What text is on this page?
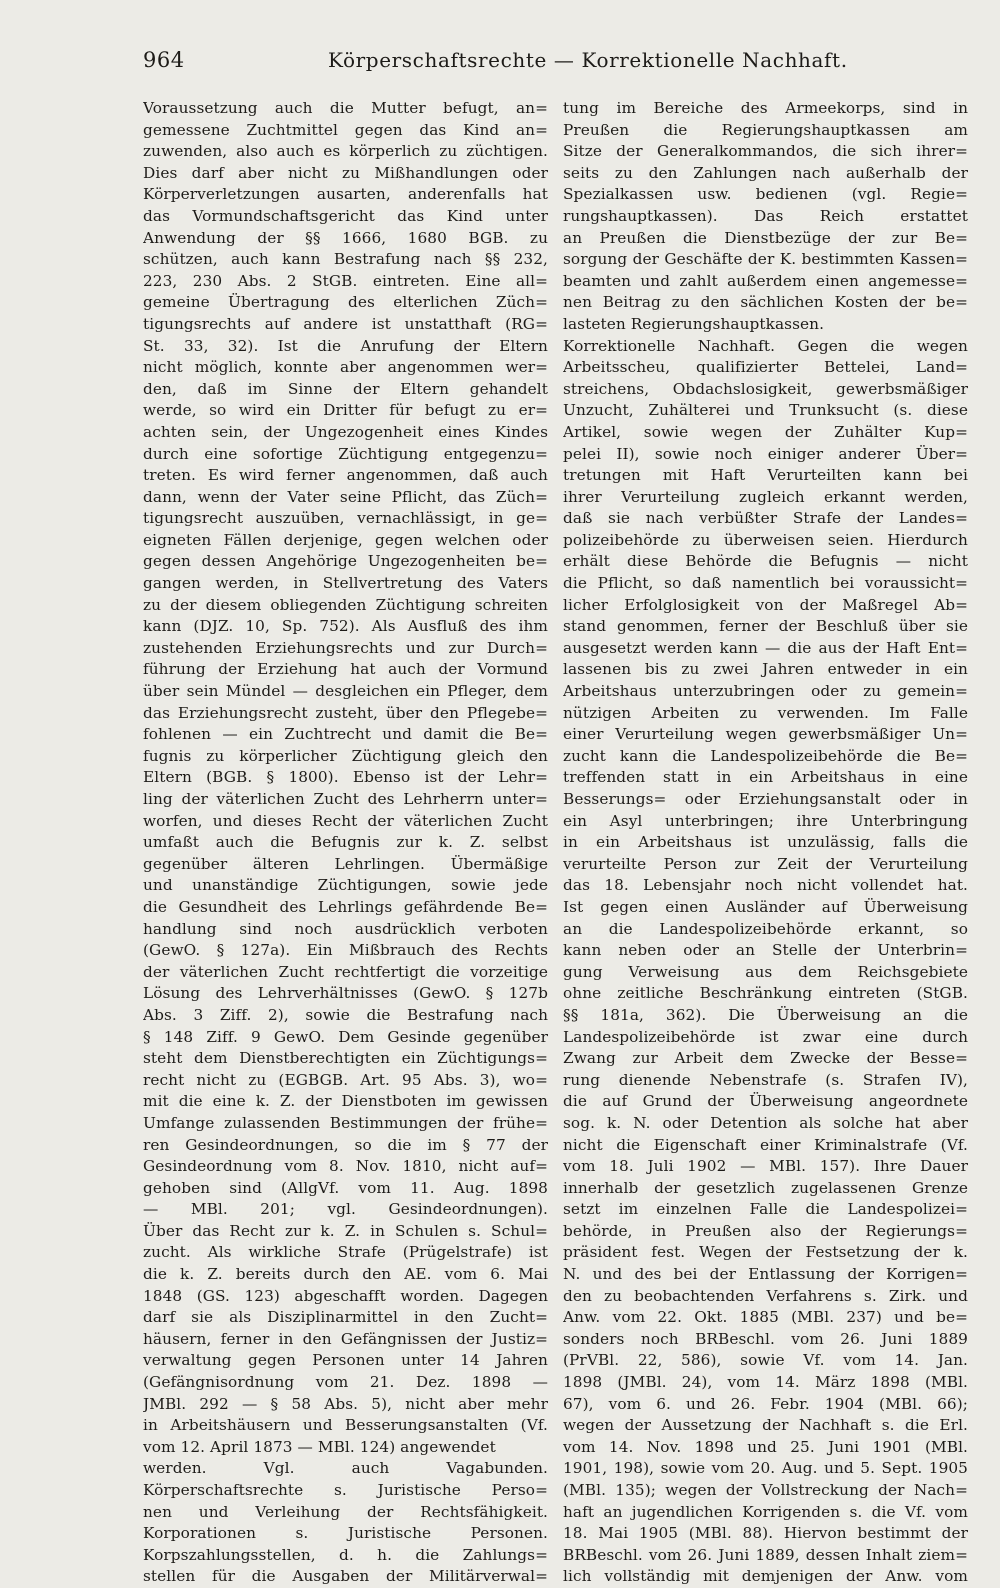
964	Körperschaftsrechte — Korrektionelle Nachhaft.
Voraussetzung auch die Mutter befugt, an=
gemessene Zuchtmittel gegen das Kind an=
zuwenden, also auch es körperlich zu züchtigen.
Dies darf aber nicht zu Mißhandlungen oder
Körperverletzungen ausarten, anderenfalls hat
das Vormundschaftsgericht das Kind unter
Anwendung der §§ 1666, 1680 BGB. zu
schützen, auch kann Bestrafung nach §§ 232,
223, 230 Abs. 2 StGB. eintreten. Eine all=
gemeine Übertragung des elterlichen Züch=
tigungsrechts auf andere ist unstatthaft (RG=
St. 33, 32). Ist die Anrufung der Eltern
nicht möglich, konnte aber angenommen wer=
den, daß im Sinne der Eltern gehandelt
werde, so wird ein Dritter für befugt zu er=
achten sein, der Ungezogenheit eines Kindes
durch eine sofortige Züchtigung entgegenzu=
treten. Es wird ferner angenommen, daß auch
dann, wenn der Vater seine Pflicht, das Züch=
tigungsrecht auszuüben, vernachlässigt, in ge=
eigneten Fällen derjenige, gegen welchen oder
gegen dessen Angehörige Ungezogenheiten be=
gangen werden, in Stellvertretung des Vaters
zu der diesem obliegenden Züchtigung schreiten
kann (DJZ. 10, Sp. 752). Als Ausfluß des ihm
zustehenden Erziehungsrechts und zur Durch=
führung der Erziehung hat auch der Vormund
über sein Mündel — desgleichen ein Pfleger, dem
das Erziehungsrecht zusteht, über den Pflegebe=
fohlenen — ein Zuchtrecht und damit die Be=
fugnis zu körperlicher Züchtigung gleich den
Eltern (BGB. § 1800). Ebenso ist der Lehr=
ling der väterlichen Zucht des Lehrherrn unter=
worfen, und dieses Recht der väterlichen Zucht
umfaßt auch die Befugnis zur k. Z. selbst
gegenüber älteren Lehrlingen. Übermäßige
und unanständige Züchtigungen, sowie jede
die Gesundheit des Lehrlings gefährdende Be=
handlung sind noch ausdrücklich verboten
(GewO. § 127a). Ein Mißbrauch des Rechts
der väterlichen Zucht rechtfertigt die vorzeitige
Lösung des Lehrverhältnisses (GewO. § 127b
Abs. 3 Ziff. 2), sowie die Bestrafung nach
§ 148 Ziff. 9 GewO. Dem Gesinde gegenüber
steht dem Dienstberechtigten ein Züchtigungs=
recht nicht zu (EGBGB. Art. 95 Abs. 3), wo=
mit die eine k. Z. der Dienstboten im gewissen
Umfange zulassenden Bestimmungen der frühe=
ren Gesindeordnungen, so die im § 77 der
Gesindeordnung vom 8. Nov. 1810, nicht auf=
gehoben sind (AllgVf. vom 11. Aug. 1898
— MBl. 201; vgl. Gesindeordnungen).
Über das Recht zur k. Z. in Schulen s. Schul=
zucht. Als wirkliche Strafe (Prügelstrafe) ist
die k. Z. bereits durch den AE. vom 6. Mai
1848 (GS. 123) abgeschafft worden. Dagegen
darf sie als Disziplinarmittel in den Zucht=
häusern, ferner in den Gefängnissen der Justiz=
verwaltung gegen Personen unter 14 Jahren
(Gefängnisordnung vom 21. Dez. 1898 —
JMBl. 292 — § 58 Abs. 5), nicht aber mehr
in Arbeitshäusern und Besserungsanstalten (Vf.
vom 12. April 1873 — MBl. 124) angewendet
werden. Vgl. auch Vagabunden.
Körperschaftsrechte s. Juristische Perso=
nen und Verleihung der Rechtsfähigkeit.
Korporationen s. Juristische Personen.
Korpszahlungsstellen, d. h. die Zahlungs=
stellen für die Ausgaben der Militärverwal=
tung im Bereiche des Armeekorps, sind in
Preußen die Regierungshauptkassen am
Sitze der Generalkommandos, die sich ihrer=
seits zu den Zahlungen nach außerhalb der
Spezialkassen usw. bedienen (vgl. Regie=
rungshauptkassen). Das Reich erstattet
an Preußen die Dienstbezüge der zur Be=
sorgung der Geschäfte der K. bestimmten Kassen=
beamten und zahlt außerdem einen angemesse=
nen Beitrag zu den sächlichen Kosten der be=
lasteten Regierungshauptkassen.
Korrektionelle Nachhaft. Gegen die wegen
Arbeitsscheu, qualifizierter Bettelei, Land=
streichens, Obdachslosigkeit, gewerbsmäßiger
Unzucht, Zuhälterei und Trunksucht (s. diese
Artikel, sowie wegen der Zuhälter Kup=
pelei II), sowie noch einiger anderer Über=
tretungen mit Haft Verurteilten kann bei
ihrer Verurteilung zugleich erkannt werden,
daß sie nach verbüßter Strafe der Landes=
polizeibehörde zu überweisen seien. Hierdurch
erhält diese Behörde die Befugnis — nicht
die Pflicht, so daß namentlich bei voraussicht=
licher Erfolglosigkeit von der Maßregel Ab=
stand genommen, ferner der Beschluß über sie
ausgesetzt werden kann — die aus der Haft Ent=
lassenen bis zu zwei Jahren entweder in ein
Arbeitshaus unterzubringen oder zu gemein=
nützigen Arbeiten zu verwenden. Im Falle
einer Verurteilung wegen gewerbsmäßiger Un=
zucht kann die Landespolizeibehörde die Be=
treffenden statt in ein Arbeitshaus in eine
Besserungs= oder Erziehungsanstalt oder in
ein Asyl unterbringen; ihre Unterbringung
in ein Arbeitshaus ist unzulässig, falls die
verurteilte Person zur Zeit der Verurteilung
das 18. Lebensjahr noch nicht vollendet hat.
Ist gegen einen Ausländer auf Überweisung
an die Landespolizeibehörde erkannt, so
kann neben oder an Stelle der Unterbrin=
gung Verweisung aus dem Reichsgebiete
ohne zeitliche Beschränkung eintreten (StGB.
§§ 181a, 362). Die Überweisung an die
Landespolizeibehörde ist zwar eine durch
Zwang zur Arbeit dem Zwecke der Besse=
rung dienende Nebenstrafe (s. Strafen IV),
die auf Grund der Überweisung angeordnete
sog. k. N. oder Detention als solche hat aber
nicht die Eigenschaft einer Kriminalstrafe (Vf.
vom 18. Juli 1902 — MBl. 157). Ihre Dauer
innerhalb der gesetzlich zugelassenen Grenze
setzt im einzelnen Falle die Landespolizei=
behörde, in Preußen also der Regierungs=
präsident fest. Wegen der Festsetzung der k.
N. und des bei der Entlassung der Korrigen=
den zu beobachtenden Verfahrens s. Zirk. und
Anw. vom 22. Okt. 1885 (MBl. 237) und be=
sonders noch BRBeschl. vom 26. Juni 1889
(PrVBl. 22, 586), sowie Vf. vom 14. Jan.
1898 (JMBl. 24), vom 14. März 1898 (MBl.
67), vom 6. und 26. Febr. 1904 (MBl. 66);
wegen der Aussetzung der Nachhaft s. die Erl.
vom 14. Nov. 1898 und 25. Juni 1901 (MBl.
1901, 198), sowie vom 20. Aug. und 5. Sept. 1905
(MBl. 135); wegen der Vollstreckung der Nach=
haft an jugendlichen Korrigenden s. die Vf. vom
18. Mai 1905 (MBl. 88). Hiervon bestimmt der
BRBeschl. vom 26. Juni 1889, dessen Inhalt ziem=
lich vollständig mit demjenigen der Anw. vom
